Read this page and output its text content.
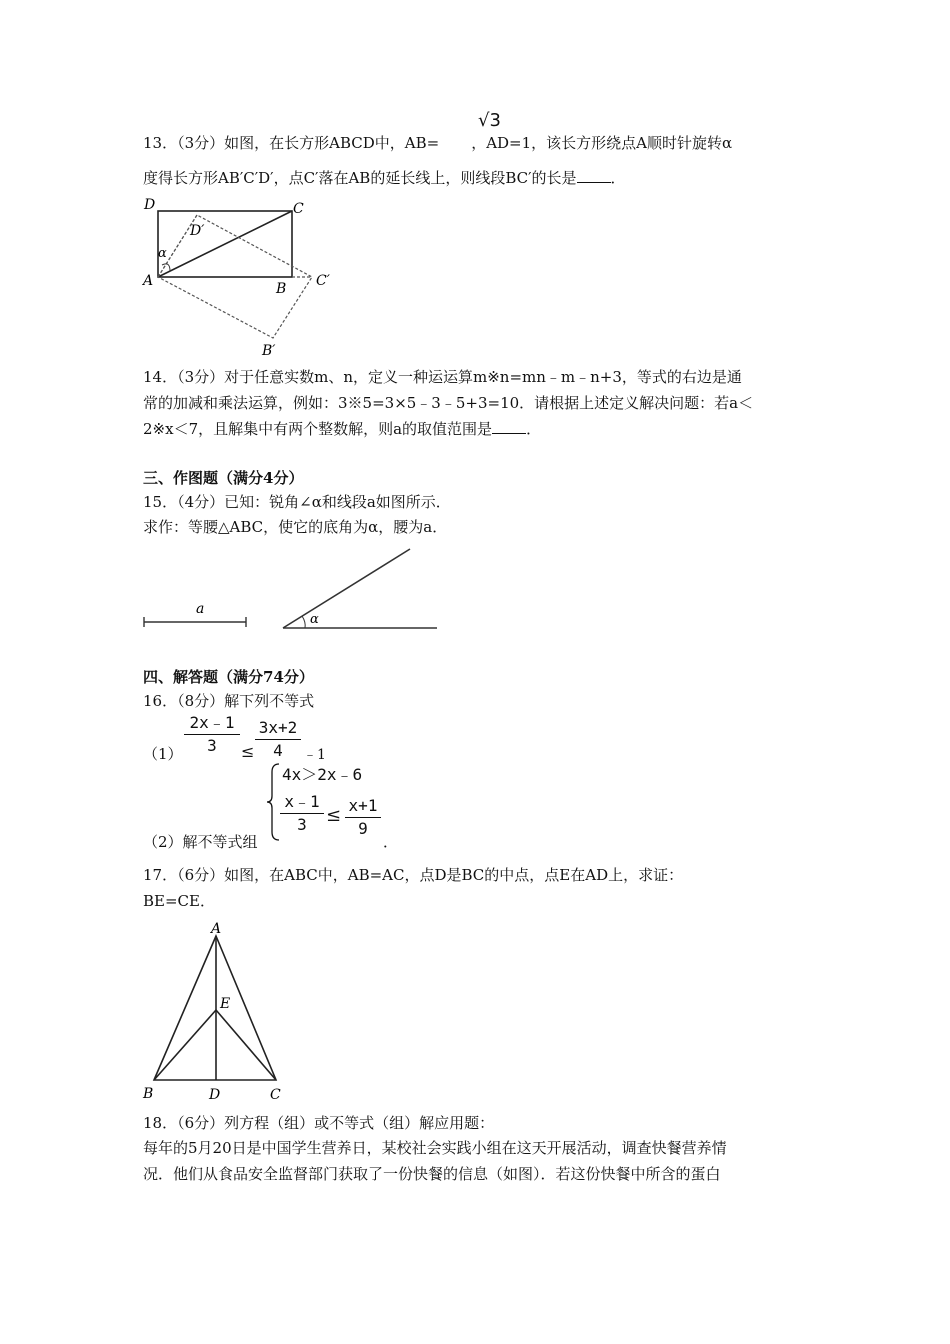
13．（3分）如图，在长方形ABCD中，AB= ，AD=1，该长方形绕点A顺时针旋转α
√3
度得长方形AB′C′D′，点C′落在AB的延长线上，则线段BC′的长是 ．
D	C
D′
α
A	B C′
B′
14．（3分）对于任意实数m、n，定义一种运运算m※n=mn﹣m﹣n+3，等式的右边是通
常的加减和乘法运算，例如：3※5=3×5﹣3﹣5+3=10．请根据上述定义解决问题：若a＜
2※x＜7，且解集中有两个整数解，则a的取值范围是 ．
三、作图题（满分4分）
15．（4分）已知：锐角∠α和线段a如图所示．
求作：等腰△ABC，使它的底角为α，腰为a．
a
α
四、解答题（满分74分）
16．（8分）解下列不等式
（1）
2x﹣1
3	≤
3x+2
4	﹣1
4x＞2x﹣6
x﹣1
3	≤ x+1
9
（2）解不等式组	．
17．（6分）如图，在ABC中，AB=AC，点D是BC的中点，点E在AD上，求证：
BE=CE．
A
E
B	D	C
18．（6分）列方程（组）或不等式（组）解应用题：
每年的5月20日是中国学生营养日，某校社会实践小组在这天开展活动，调查快餐营养情
况．他们从食品安全监督部门获取了一份快餐的信息（如图）．若这份快餐中所含的蛋白
